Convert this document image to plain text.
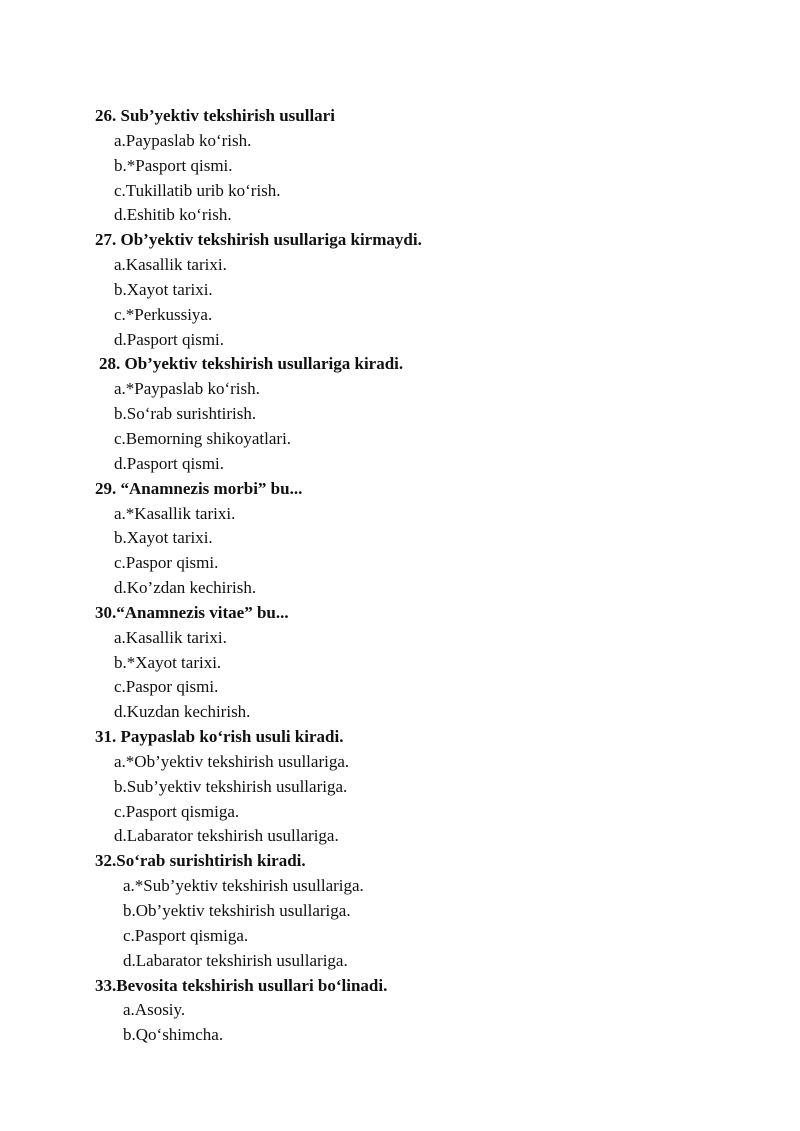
26. Sub’yektiv tekshirish usullari
a.Paypaslab ko‘rish.
b.*Pasport qismi.
c.Tukillatib urib ko‘rish.
d.Eshitib ko‘rish.
27. Ob’yektiv tekshirish usullariga kirmaydi.
a.Kasallik tarixi.
b.Xayot tarixi.
c.*Perkussiya.
d.Pasport qismi.
28. Ob’yektiv tekshirish usullariga kiradi.
a.*Paypaslab ko‘rish.
b.So‘rab surishtirish.
c.Bemorning shikoyatlari.
d.Pasport qismi.
29. “Anamnezis morbi” bu...
a.*Kasallik tarixi.
b.Xayot tarixi.
c.Paspor qismi.
d.Ko’zdan kechirish.
30.“Anamnezis vitae” bu...
a.Kasallik tarixi.
b.*Xayot tarixi.
c.Paspor qismi.
d.Kuzdan kechirish.
31. Paypaslab ko‘rish usuli kiradi.
a.*Ob’yektiv tekshirish usullariga.
b.Sub’yektiv tekshirish usullariga.
c.Pasport qismiga.
d.Labarator tekshirish usullariga.
32.So‘rab surishtirish kiradi.
a.*Sub’yektiv tekshirish usullariga.
b.Ob’yektiv tekshirish usullariga.
c.Pasport qismiga.
d.Labarator tekshirish usullariga.
33.Bevosita tekshirish usullari bo‘linadi.
a.Asosiy.
b.Qo‘shimcha.
